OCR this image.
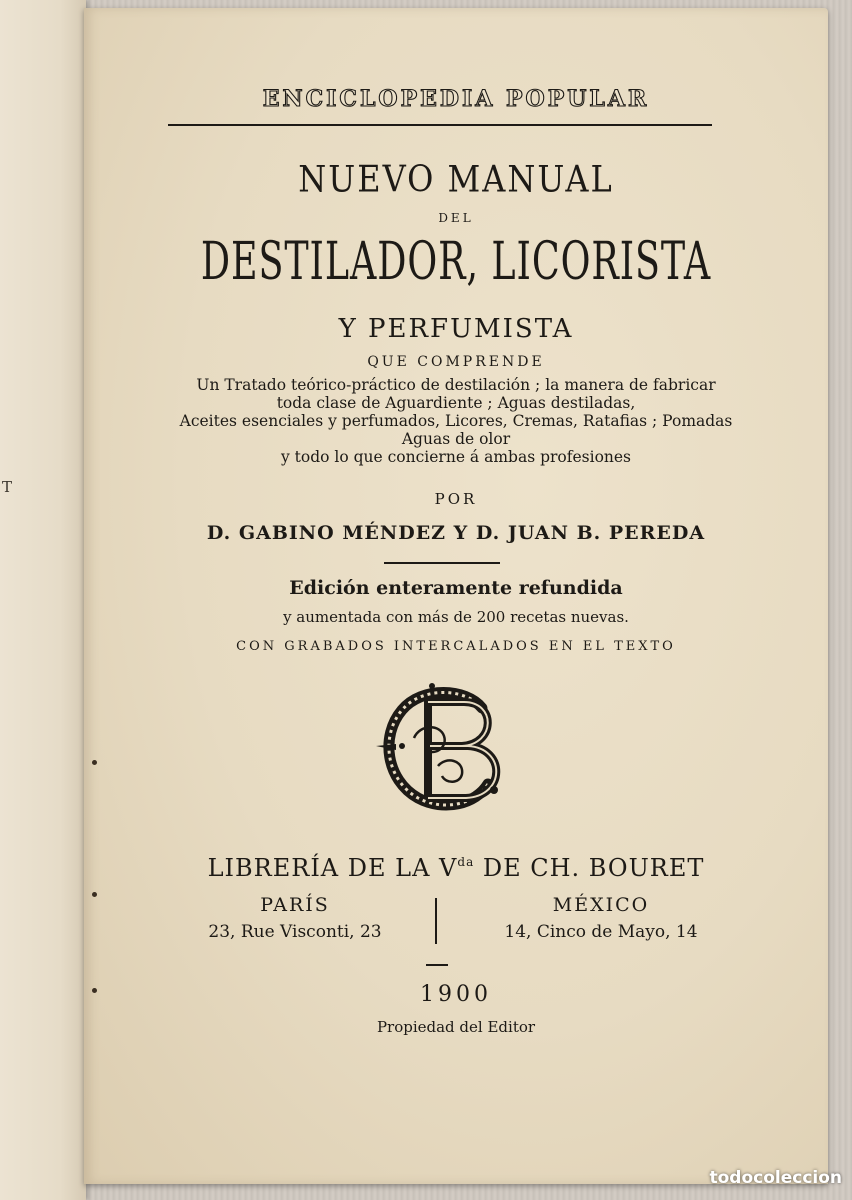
T
ENCICLOPEDIA POPULAR
NUEVO MANUAL
DEL
DESTILADOR, LICORISTA
Y PERFUMISTA
QUE COMPRENDE
Un Tratado teórico-práctico de destilación ; la manera de fabricar
toda clase de Aguardiente ; Aguas destiladas,
Aceites esenciales y perfumados, Licores, Cremas, Ratafias ; Pomadas
Aguas de olor
y todo lo que concierne á ambas profesiones
POR
D. GABINO MÉNDEZ Y D. JUAN B. PEREDA
Edición enteramente refundida
y aumentada con más de 200 recetas nuevas.
CON GRABADOS INTERCALADOS EN EL TEXTO
LIBRERÍA DE LA $V^{da}$ DE CH. BOURET
PARÍS
23, Rue Visconti, 23
MÉXICO
14, Cinco de Mayo, 14
1900
Propiedad del Editor
todocoleccion
